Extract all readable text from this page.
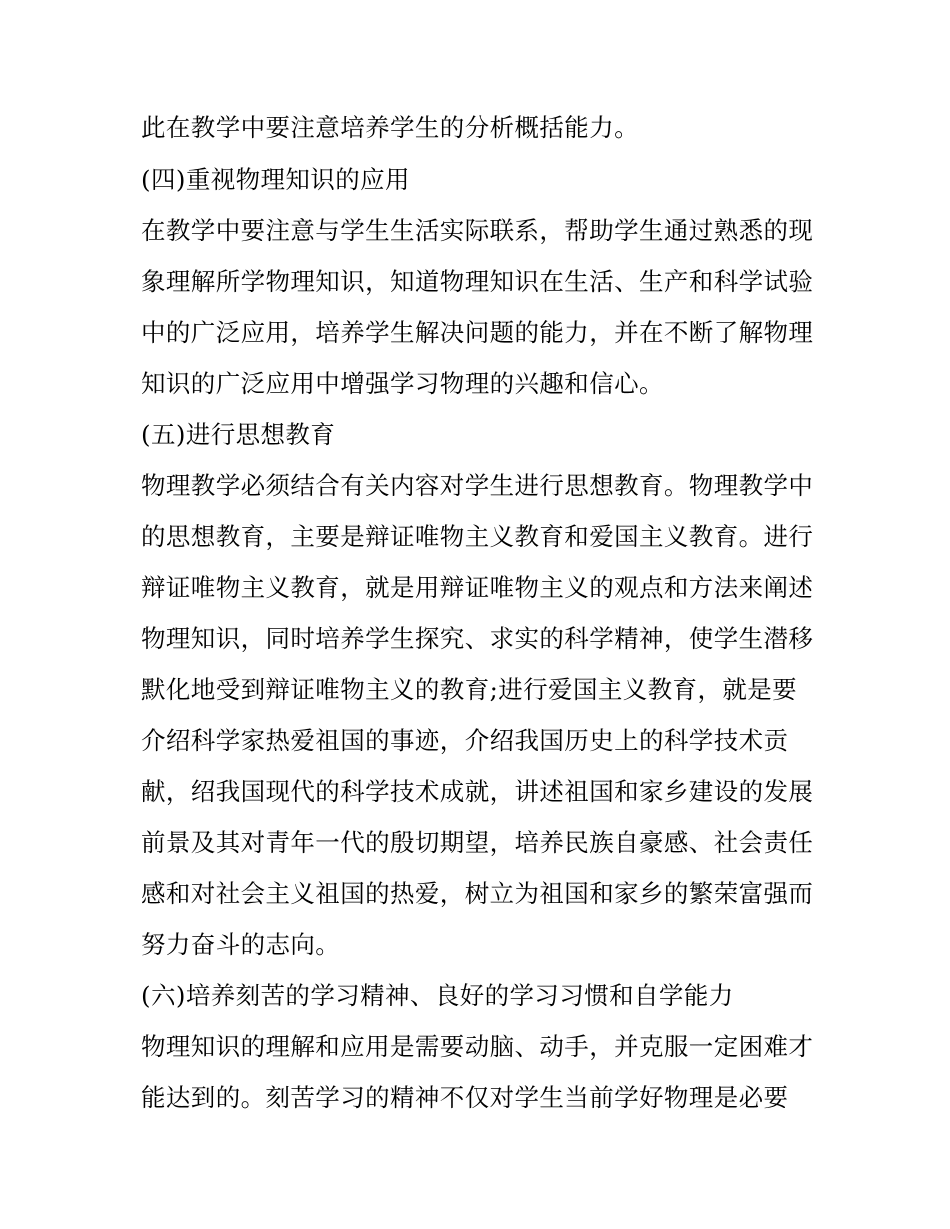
此在教学中要注意培养学生的分析概括能力。
(四)重视物理知识的应用
在教学中要注意与学生生活实际联系，帮助学生通过熟悉的现
象理解所学物理知识，知道物理知识在生活、生产和科学试验
中的广泛应用，培养学生解决问题的能力，并在不断了解物理
知识的广泛应用中增强学习物理的兴趣和信心。
(五)进行思想教育
物理教学必须结合有关内容对学生进行思想教育。物理教学中
的思想教育，主要是辩证唯物主义教育和爱国主义教育。进行
辩证唯物主义教育，就是用辩证唯物主义的观点和方法来阐述
物理知识，同时培养学生探究、求实的科学精神，使学生潜移
默化地受到辩证唯物主义的教育;进行爱国主义教育，就是要
介绍科学家热爱祖国的事迹，介绍我国历史上的科学技术贡
献，绍我国现代的科学技术成就，讲述祖国和家乡建设的发展
前景及其对青年一代的殷切期望，培养民族自豪感、社会责任
感和对社会主义祖国的热爱，树立为祖国和家乡的繁荣富强而
努力奋斗的志向。
(六)培养刻苦的学习精神、良好的学习习惯和自学能力
物理知识的理解和应用是需要动脑、动手，并克服一定困难才
能达到的。刻苦学习的精神不仅对学生当前学好物理是必要
